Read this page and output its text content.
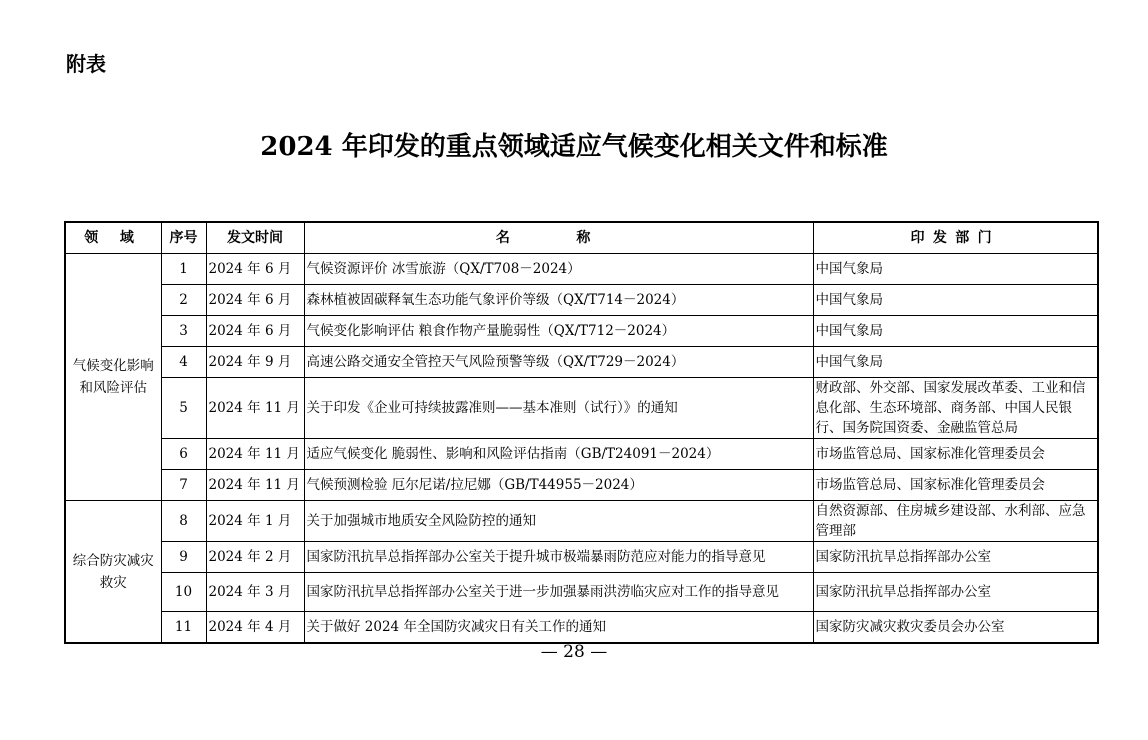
附表

2024 年印发的重点领域适应气候变化相关文件和标准
领 域	序号	发文时间	名 称	印发部门
气候变化影响和风险评估	1	2024 年 6 月	气候资源评价 冰雪旅游（QX/T708－2024）	中国气象局
	2	2024 年 6 月	森林植被固碳释氧生态功能气象评价等级（QX/T714－2024）	中国气象局
	3	2024 年 6 月	气候变化影响评估 粮食作物产量脆弱性（QX/T712－2024）	中国气象局
	4	2024 年 9 月	高速公路交通安全管控天气风险预警等级（QX/T729－2024）	中国气象局
	5	2024 年 11 月	关于印发《企业可持续披露准则——基本准则（试行）》的通知	财政部、外交部、国家发展改革委、工业和信息化部、生态环境部、商务部、中国人民银行、国务院国资委、金融监管总局
	6	2024 年 11 月	适应气候变化 脆弱性、影响和风险评估指南（GB/T24091－2024）	市场监管总局、国家标准化管理委员会
	7	2024 年 11 月	气候预测检验 厄尔尼诺/拉尼娜（GB/T44955－2024）	市场监管总局、国家标准化管理委员会
综合防灾减灾救灾	8	2024 年 1 月	关于加强城市地质安全风险防控的通知	自然资源部、住房城乡建设部、水利部、应急管理部
	9	2024 年 2 月	国家防汛抗旱总指挥部办公室关于提升城市极端暴雨防范应对能力的指导意见	国家防汛抗旱总指挥部办公室
	10	2024 年 3 月	国家防汛抗旱总指挥部办公室关于进一步加强暴雨洪涝临灾应对工作的指导意见	国家防汛抗旱总指挥部办公室
	11	2024 年 4 月	关于做好 2024 年全国防灾减灾日有关工作的通知	国家防灾减灾救灾委员会办公室

— 28 —
